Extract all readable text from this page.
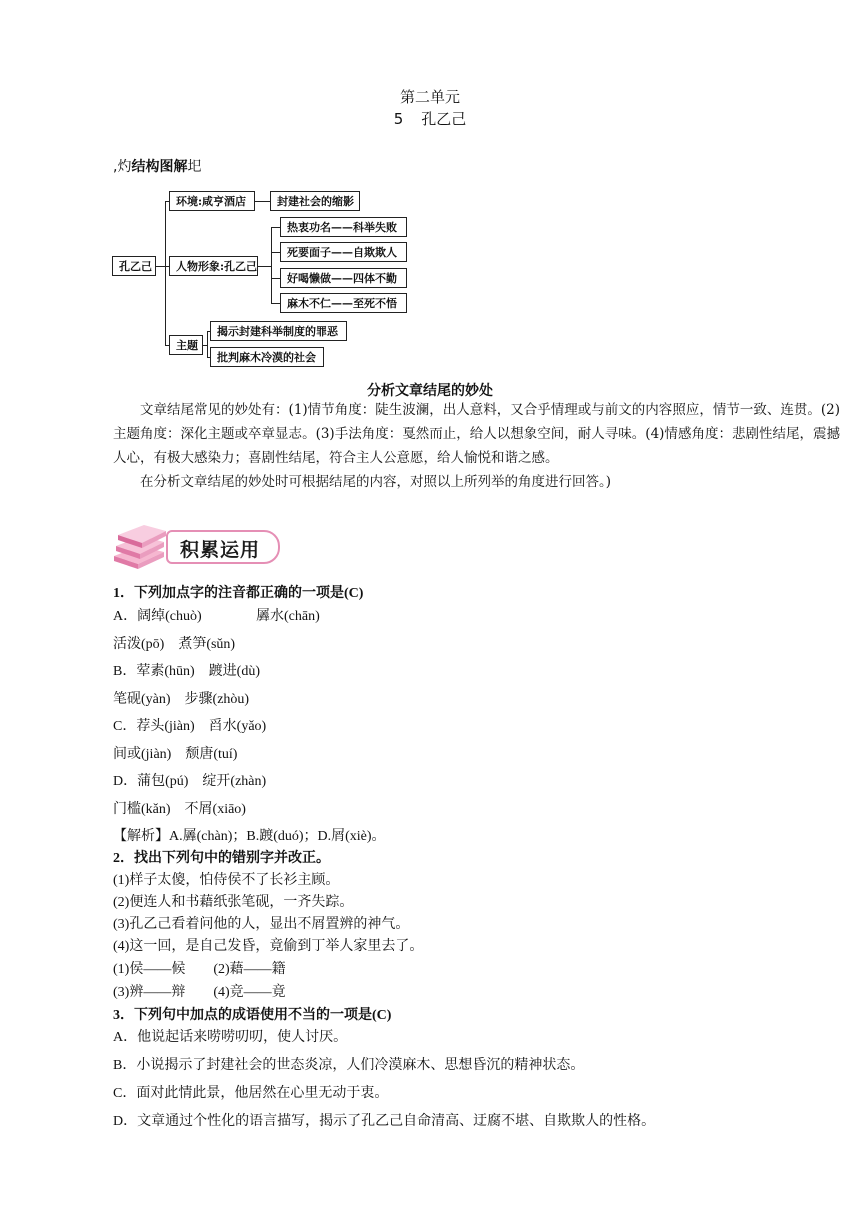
第二单元
5 孔乙己
,灼结构图解圯
孔乙己
环境:咸亨酒店	封建社会的缩影
人物形象:孔乙己
热衷功名——科举失败
死要面子——自欺欺人
好喝懒做——四体不勤
麻木不仁——至死不悟
主题
揭示封建科举制度的罪恶
批判麻木冷漠的社会
分析文章结尾的妙处

文章结尾常见的妙处有：(1)情节角度：陡生波澜，出人意料，又合乎情理或与前文的内容照应，情节一致、连贯。(2)主题角度：深化主题或卒章显志。(3)手法角度：戛然而止，给人以想象空间，耐人寻味。(4)情感角度：悲剧性结尾，震撼人心，有极大感染力；喜剧性结尾，符合主人公意愿，给人愉悦和谐之感。

在分析文章结尾的妙处时可根据结尾的内容，对照以上所列举的角度进行回答。)

积累运用
1．下列加点字的注音都正确的一项是(C)
A．阔绰(chuò)	羼水(chān)
活泼(pō)　煮笋(sǔn)
B．荤素(hūn)　踱进(dù)
笔砚(yàn)　步骤(zhòu)
C．荐头(jiàn)　舀水(yǎo)
间或(jiàn)　颓唐(tuí)
D．蒲包(pú)　绽开(zhàn)
门槛(kǎn)　不屑(xiāo)
【解析】A.羼(chàn)；B.踱(duó)；D.屑(xiè)。
2．找出下列句中的错别字并改正。
(1)样子太傻，怕侍侯不了长衫主顾。
(2)便连人和书藉纸张笔砚，一齐失踪。
(3)孔乙己看着问他的人，显出不屑置辨的神气。
(4)这一回，是自己发昏，竟偷到丁举人家里去了。
(1)侯——候　　(2)藉——籍
(3)辨——辩　　(4)竞——竟
3．下列句中加点的成语使用不当的一项是(C)
A．他说起话来唠唠叨叨，使人讨厌。
B．小说揭示了封建社会的世态炎凉，人们冷漠麻木、思想昏沉的精神状态。
C．面对此情此景，他居然在心里无动于衷。
D．文章通过个性化的语言描写，揭示了孔乙己自命清高、迂腐不堪、自欺欺人的性格。
